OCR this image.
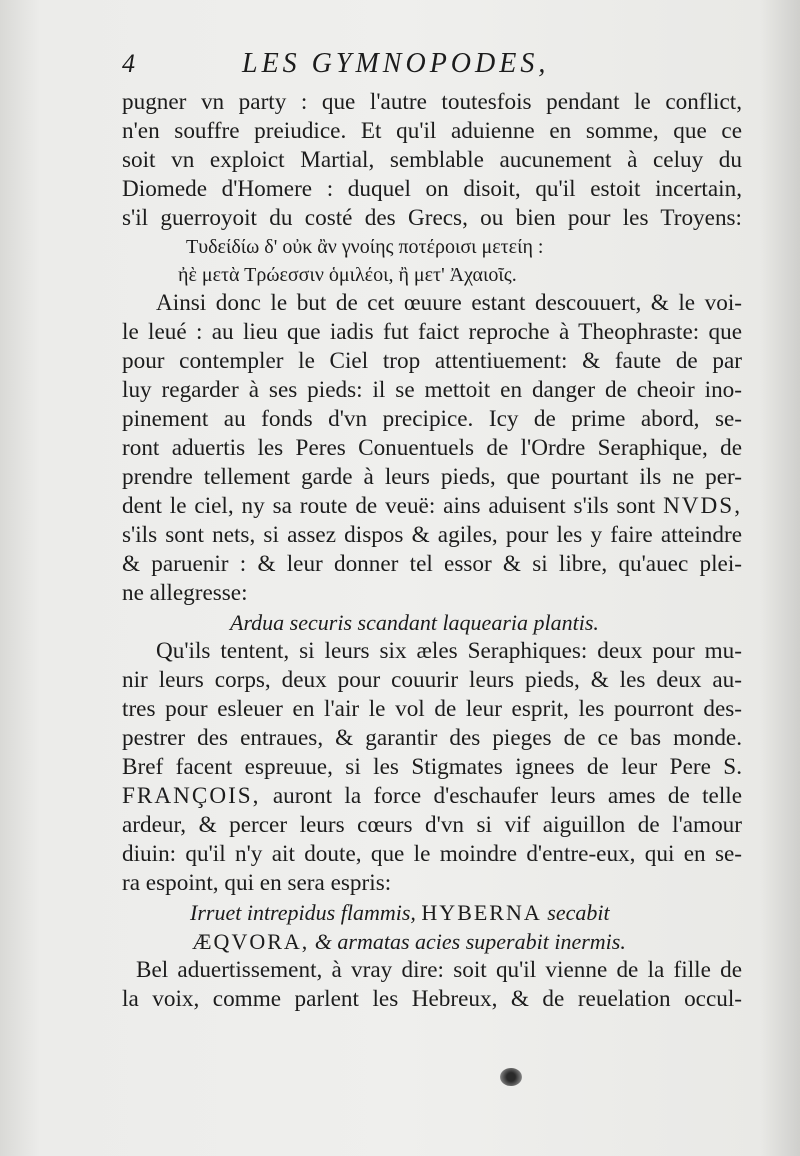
4	LES GYMNOPODES,
pugner vn party : que l'autre toutesfois pendant le conflict,
n'en souffre preiudice. Et qu'il aduienne en somme, que ce
soit vn exploict Martial, semblable aucunement à celuy du
Diomede d'Homere : duquel on disoit, qu'il estoit incertain,
s'il guerroyoit du costé des Grecs, ou bien pour les Troyens:
Τυδείδίω δ' οὐκ ἂν γνοίης ποτέροισι μετείη :
ἠὲ μετὰ Τρώεσσιν ὁμιλέοι, ἢ μετ' Ἀχαιοῖς.
Ainsi donc le but de cet œuure estant descouuert, & le voi-
le leué : au lieu que iadis fut faict reproche à Theophraste: que
pour contempler le Ciel trop attentiuement: & faute de par
luy regarder à ses pieds: il se mettoit en danger de cheoir ino-
pinement au fonds d'vn precipice. Icy de prime abord, se-
ront aduertis les Peres Conuentuels de l'Ordre Seraphique, de
prendre tellement garde à leurs pieds, que pourtant ils ne per-
dent le ciel, ny sa route de veuë: ains aduisent s'ils sont NVDS,
s'ils sont nets, si assez dispos & agiles, pour les y faire atteindre
& paruenir : & leur donner tel essor & si libre, qu'auec plei-
ne allegresse:
Ardua securis scandant laquearia plantis.
Qu'ils tentent, si leurs six æles Seraphiques: deux pour mu-
nir leurs corps, deux pour couurir leurs pieds, & les deux au-
tres pour esleuer en l'air le vol de leur esprit, les pourront des-
pestrer des entraues, & garantir des pieges de ce bas monde.
Bref facent espreuue, si les Stigmates ignees de leur Pere S.
FRANÇOIS, auront la force d'eschaufer leurs ames de telle
ardeur, & percer leurs cœurs d'vn si vif aiguillon de l'amour
diuin: qu'il n'y ait doute, que le moindre d'entre-eux, qui en se-
ra espoint, qui en sera espris:
Irruet intrepidus flammis, HYBERNA secabit
ÆQVORA, & armatas acies superabit inermis.
Bel aduertissement, à vray dire: soit qu'il vienne de la fille de
la voix, comme parlent les Hebreux, & de reuelation occul-
